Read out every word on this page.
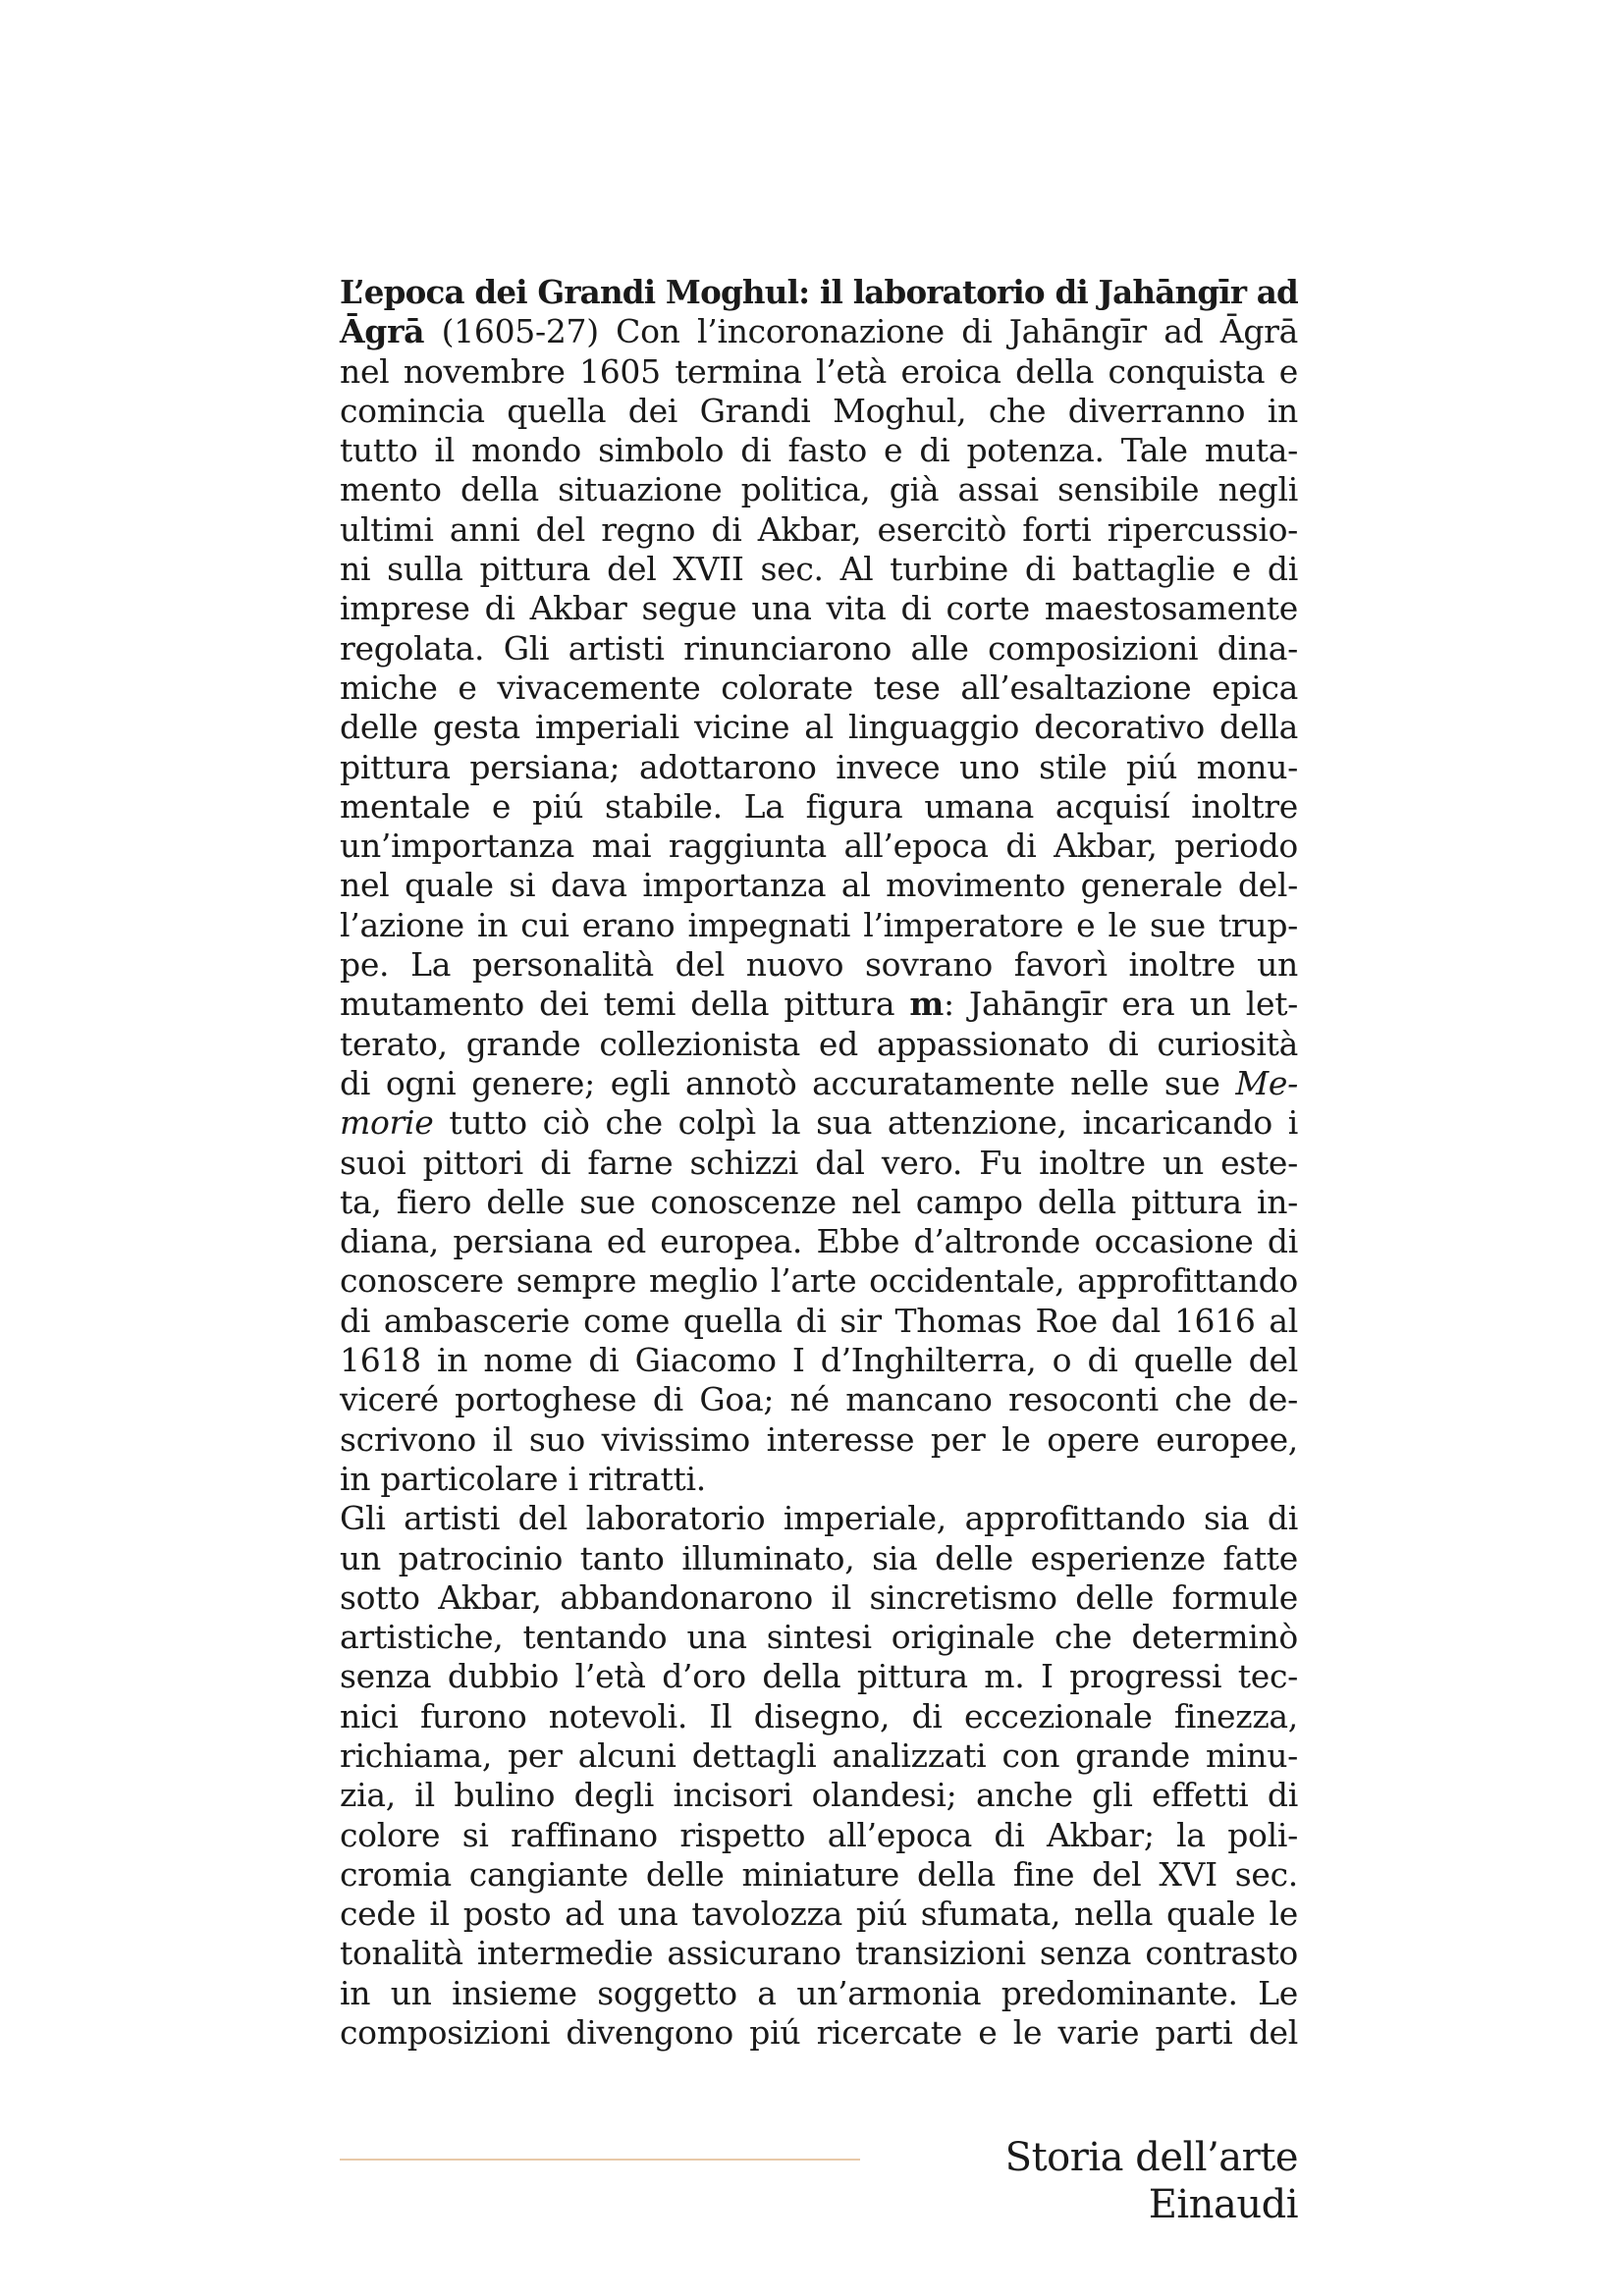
L’epoca dei Grandi Moghul: il laboratorio di Jahāngīr ad
Āgrā (1605-27) Con l’incoronazione di Jahāngīr ad Āgrā
nel novembre 1605 termina l’età eroica della conquista e
comincia quella dei Grandi Moghul, che diverranno in
tutto il mondo simbolo di fasto e di potenza. Tale muta-
mento della situazione politica, già assai sensibile negli
ultimi anni del regno di Akbar, esercitò forti ripercussio-
ni sulla pittura del XVII sec. Al turbine di battaglie e di
imprese di Akbar segue una vita di corte maestosamente
regolata. Gli artisti rinunciarono alle composizioni dina-
miche e vivacemente colorate tese all’esaltazione epica
delle gesta imperiali vicine al linguaggio decorativo della
pittura persiana; adottarono invece uno stile piú monu-
mentale e piú stabile. La figura umana acquisí inoltre
un’importanza mai raggiunta all’epoca di Akbar, periodo
nel quale si dava importanza al movimento generale del-
l’azione in cui erano impegnati l’imperatore e le sue trup-
pe. La personalità del nuovo sovrano favorì inoltre un
mutamento dei temi della pittura m: Jahāngīr era un let-
terato, grande collezionista ed appassionato di curiosità
di ogni genere; egli annotò accuratamente nelle sue Me-
morie tutto ciò che colpì la sua attenzione, incaricando i
suoi pittori di farne schizzi dal vero. Fu inoltre un este-
ta, fiero delle sue conoscenze nel campo della pittura in-
diana, persiana ed europea. Ebbe d’altronde occasione di
conoscere sempre meglio l’arte occidentale, approfittando
di ambascerie come quella di sir Thomas Roe dal 1616 al
1618 in nome di Giacomo I d’Inghilterra, o di quelle del
viceré portoghese di Goa; né mancano resoconti che de-
scrivono il suo vivissimo interesse per le opere europee,
in particolare i ritratti.
Gli artisti del laboratorio imperiale, approfittando sia di
un patrocinio tanto illuminato, sia delle esperienze fatte
sotto Akbar, abbandonarono il sincretismo delle formule
artistiche, tentando una sintesi originale che determinò
senza dubbio l’età d’oro della pittura m. I progressi tec-
nici furono notevoli. Il disegno, di eccezionale finezza,
richiama, per alcuni dettagli analizzati con grande minu-
zia, il bulino degli incisori olandesi; anche gli effetti di
colore si raffinano rispetto all’epoca di Akbar; la poli-
cromia cangiante delle miniature della fine del XVI sec.
cede il posto ad una tavolozza piú sfumata, nella quale le
tonalità intermedie assicurano transizioni senza contrasto
in un insieme soggetto a un’armonia predominante. Le
composizioni divengono piú ricercate e le varie parti del
Storia dell’arte Einaudi
